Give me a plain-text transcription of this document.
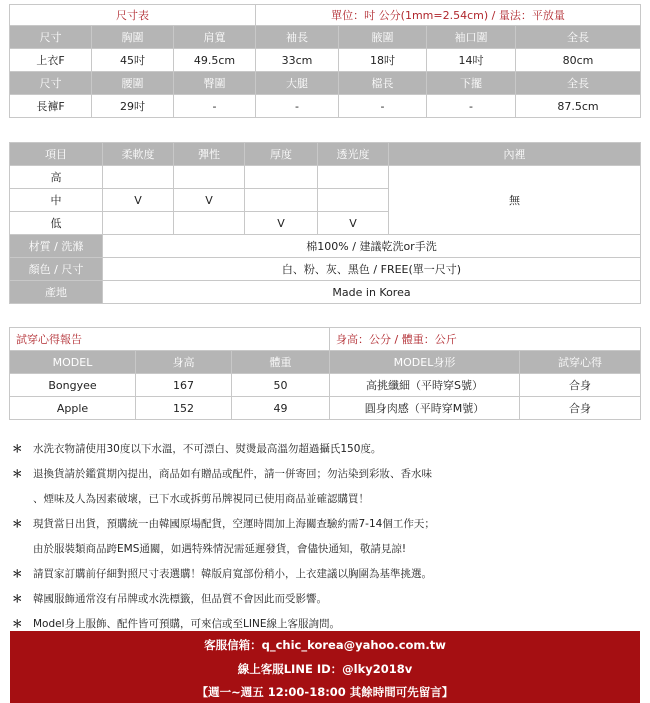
尺寸表			單位：吋 公分(1mm=2.54cm) / 量法：平放量			
尺寸	胸圍	肩寬	袖長	腋圍	袖口圍	全長
上衣F	45吋	49.5cm	33cm	18吋	14吋	80cm
尺寸	腰圍	臀圍	大腿	檔長	下擺	全長
長褲F	29吋	-	-	-	-	87.5cm
項目	柔軟度	彈性	厚度	透光度	內裡
高					無
中	V	V			
低			V	V	
材質 / 洗滌	棉100% / 建議乾洗or手洗				
顏色 / 尺寸	白、粉、灰、黑色 / FREE(單一尺寸)				
產地	Made in Korea				
試穿心得報告			身高：公分 / 體重：公斤	
MODEL	身高	體重	MODEL身形	試穿心得
Bongyee	167	50	高挑纖細（平時穿S號）	合身
Apple	152	49	圓身肉感（平時穿M號）	合身
＊ 水洗衣物請使用30度以下水溫，不可漂白、熨燙最高溫勿超過攝氏150度。
＊ 退換貨請於鑑賞期內提出，商品如有贈品或配件，請一併寄回；勿沾染到彩妝、香水味
、煙味及人為因素破壞，已下水或拆剪吊牌視同已使用商品並確認購買！
＊ 現貨當日出貨，預購統一由韓國原場配貨，空運時間加上海關查驗約需7-14個工作天；
由於服裝類商品跨EMS通關，如遇特殊情況需延遲發貨，會儘快通知，敬請見諒!
＊ 請買家訂購前仔細對照尺寸表選購！韓版肩寬部份稍小，上衣建議以胸圍為基準挑選。
＊ 韓國服飾通常沒有吊牌或水洗標籤，但品質不會因此而受影響。
＊ Model身上服飾、配件皆可預購，可來信或至LINE線上客服詢問。
客服信箱：q_chic_korea@yahoo.com.tw
線上客服LINE ID：@lky2018v
【週一~週五 12:00-18:00 其餘時間可先留言】
